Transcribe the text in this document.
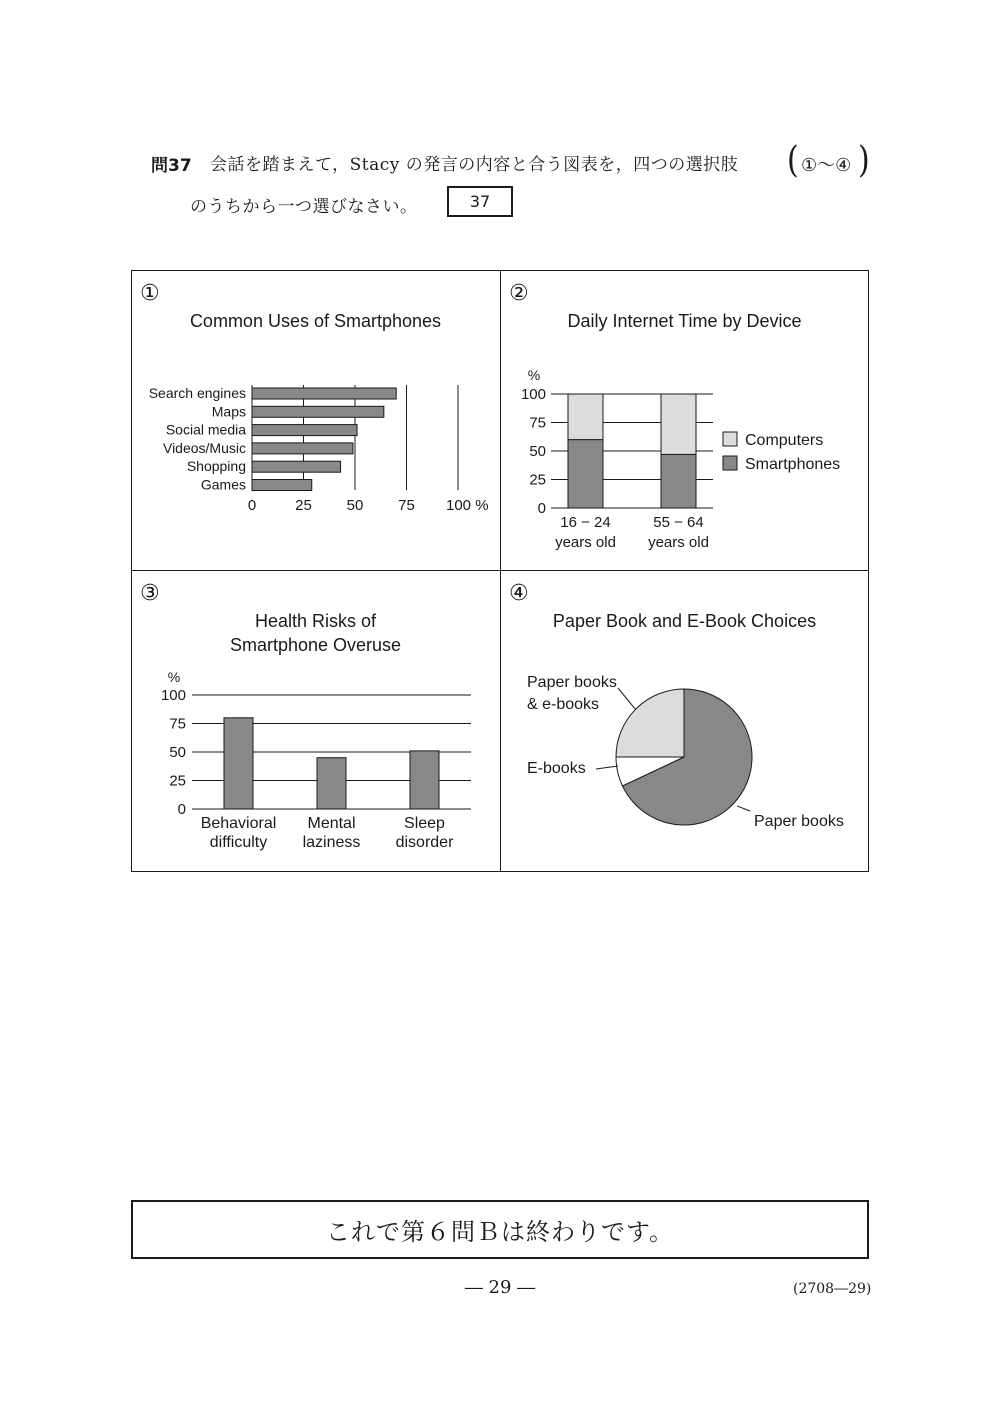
問37 会話を踏まえて，Stacy の発言の内容と合う図表を，四つの選択肢 ( ①～④ )
のうちから一つ選びなさい。	37
①
Common Uses of Smartphones
Search engines
Maps
Social media
Videos/Music
Shopping
Games
0	25 50 75 100 %
②
Daily Internet Time by Device
%
0
25
50
75
100
16 − 24
years old
55 − 64
years old
Computers
Smartphones
③
Health Risks of
Smartphone Overuse
%
0
25
50
75
100
Behavioral
difficulty
Mental
laziness
Sleep
disorder
④
Paper Book and E-Book Choices
Paper books
E-books
Paper books
& e-books
これで第６問Ｂは終わりです。
― 29 ―	(2708―29)
